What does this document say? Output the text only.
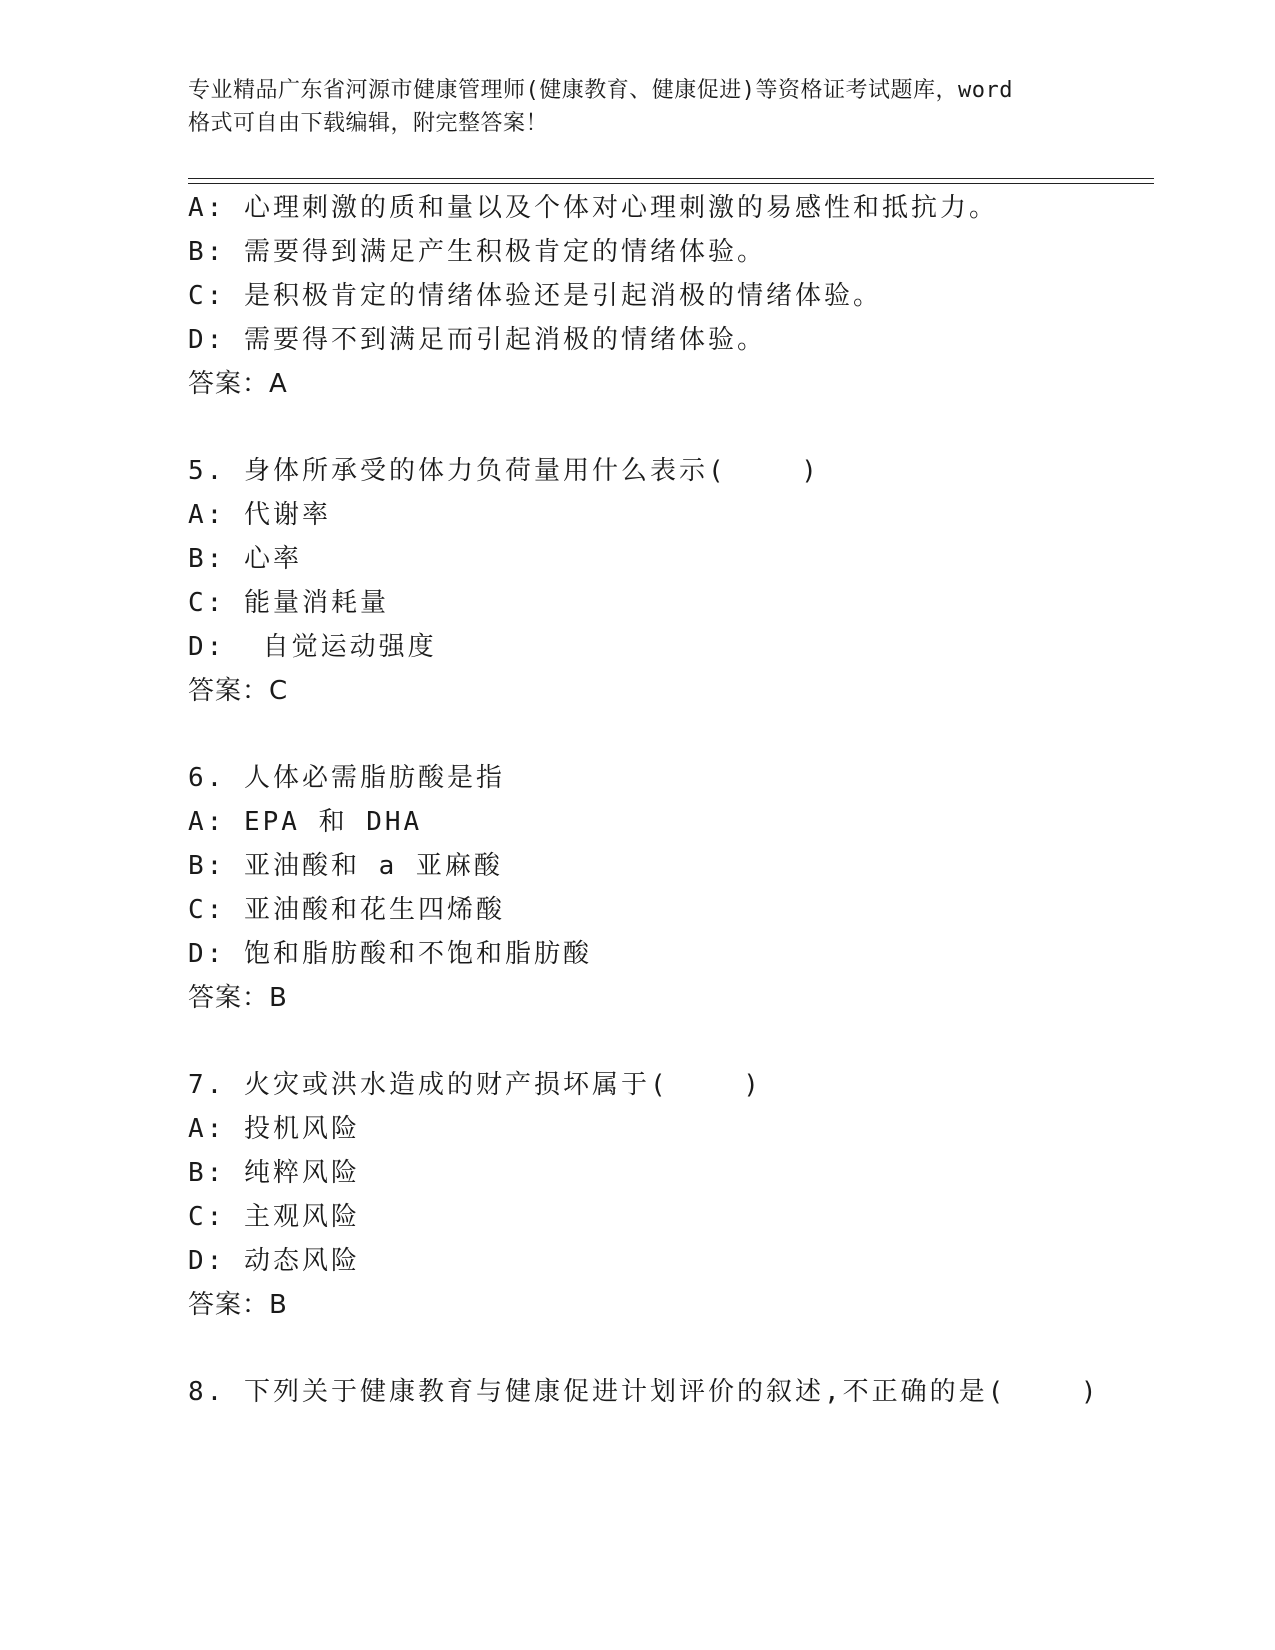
专业精品广东省河源市健康管理师(健康教育、健康促进)等资格证考试题库，word
格式可自由下载编辑，附完整答案！
A: 心理刺激的质和量以及个体对心理刺激的易感性和抵抗力。
B: 需要得到满足产生积极肯定的情绪体验。
C: 是积极肯定的情绪体验还是引起消极的情绪体验。
D: 需要得不到满足而引起消极的情绪体验。
答案：A
5. 身体所承受的体力负荷量用什么表示(    )
A: 代谢率
B: 心率
C: 能量消耗量
D:  自觉运动强度
答案：C
6. 人体必需脂肪酸是指
A: EPA 和 DHA
B: 亚油酸和 a 亚麻酸
C: 亚油酸和花生四烯酸
D: 饱和脂肪酸和不饱和脂肪酸
答案：B
7. 火灾或洪水造成的财产损坏属于(    )
A: 投机风险
B: 纯粹风险
C: 主观风险
D: 动态风险
答案：B
8. 下列关于健康教育与健康促进计划评价的叙述,不正确的是(    )
